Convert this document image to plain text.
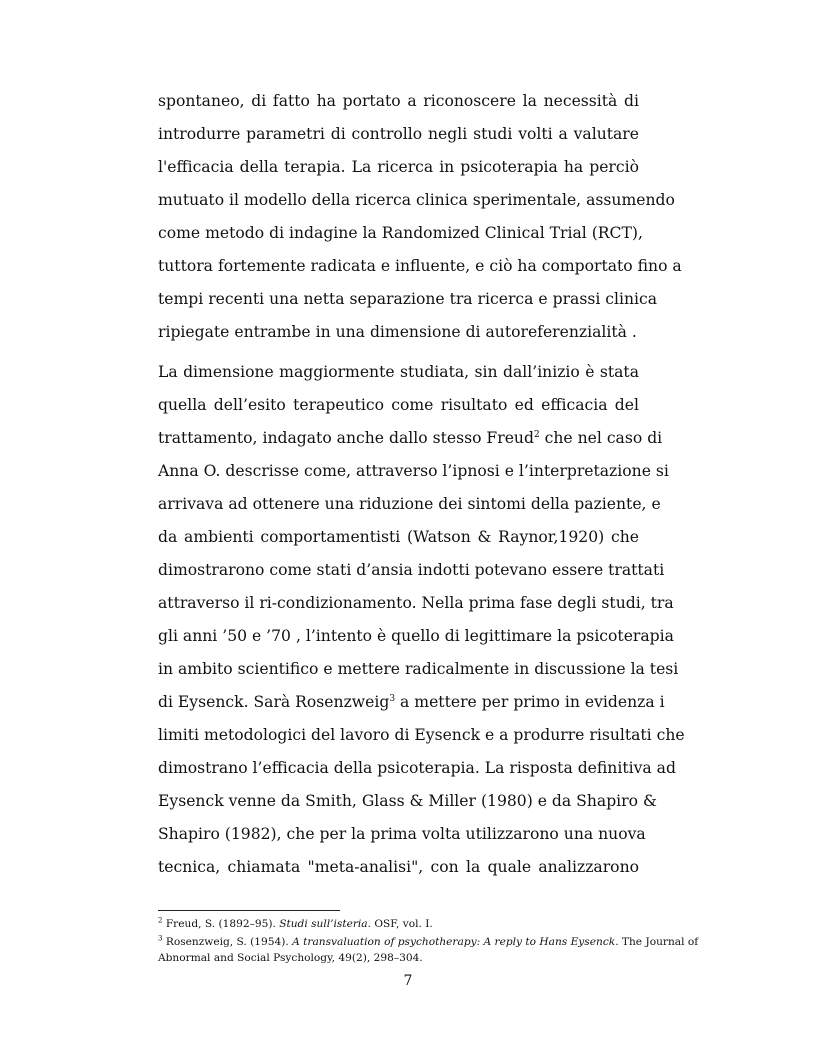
spontaneo, di fatto ha portato a riconoscere la necessità di
introdurre parametri di controllo negli studi volti a valutare
l'efficacia della terapia. La ricerca in psicoterapia ha perciò
mutuato il modello della ricerca clinica sperimentale, assumendo
come metodo di indagine la Randomized Clinical Trial (RCT),
tuttora fortemente radicata e influente, e ciò ha comportato fino a
tempi recenti una netta separazione tra ricerca e prassi clinica
ripiegate entrambe in una dimensione di autoreferenzialità .
La dimensione maggiormente studiata, sin dall’inizio è stata
quella dell’esito terapeutico come risultato ed efficacia del
trattamento, indagato anche dallo stesso Freud$^2$ che nel caso di
Anna O. descrisse come, attraverso l’ipnosi e l’interpretazione si
arrivava ad ottenere una riduzione dei sintomi della paziente, e
da ambienti comportamentisti (Watson & Raynor,1920) che
dimostrarono come stati d’ansia indotti potevano essere trattati
attraverso il ri-condizionamento. Nella prima fase degli studi, tra
gli anni ’50 e ’70 , l’intento è quello di legittimare la psicoterapia
in ambito scientifico e mettere radicalmente in discussione la tesi
di Eysenck. Sarà Rosenzweig$^3$ a mettere per primo in evidenza i
limiti metodologici del lavoro di Eysenck e a produrre risultati che
dimostrano l’efficacia della psicoterapia. La risposta definitiva ad
Eysenck venne da Smith, Glass & Miller (1980) e da Shapiro &
Shapiro (1982), che per la prima volta utilizzarono una nuova
tecnica, chiamata "meta-analisi", con la quale analizzarono
$^2$ Freud, S. (1892–95). Studi sull’isteria. OSF, vol. I.
$^3$ Rosenzweig, S. (1954). A transvaluation of psychotherapy: A reply to Hans Eysenck. The Journal of
Abnormal and Social Psychology, 49(2), 298–304.
7
